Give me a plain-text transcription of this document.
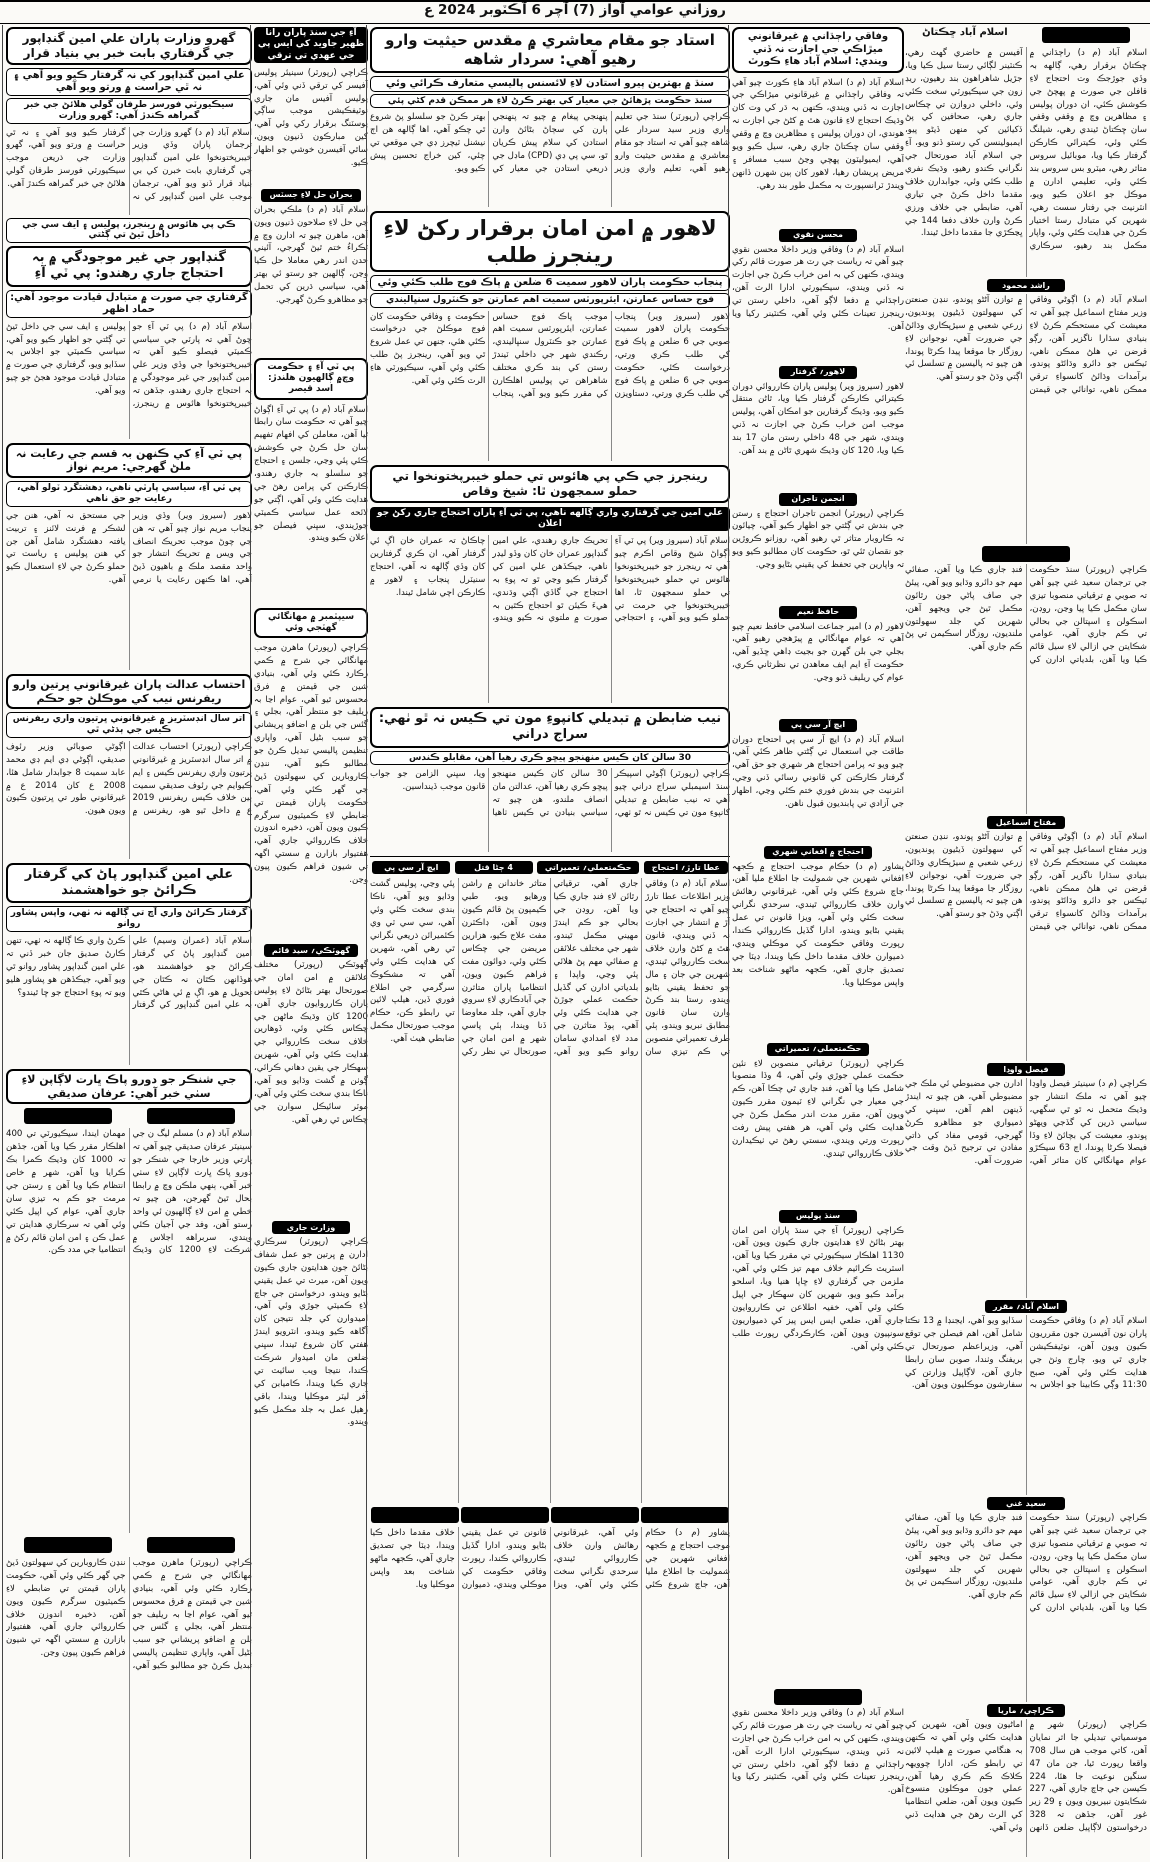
روزاني عوامي آواز (7) آچر 6 آڪٽوبر 2024 ع
گھرو وزارت پاران علي امين گنڊاپور جي گرفتاري بابت خبر بي بنياد قرار
علي امين گنڊاپور کي نہ گرفتار ڪيو ويو آهي ۽ نہ ٿي حراست ۾ ورتو ويو آهي
سيڪيورٽي فورسز طرفان گولي هلائڻ جي خبر گمراهه ڪندڙ آهي: گھرو وزارت
اسلام آباد (م د) گھرو وزارت جي ترجمان پاران وڏي وزير خيبرپختونخوا علي امين گنڊاپور جي گرفتاري بابت خبرن کي بي بنياد قرار ڏنو ويو آهي، ترجمان موجب علي امين گنڊاپور کي نہ گرفتار ڪيو ويو آهي ۽ نہ ٿي حراست ۾ ورتو ويو آهي، گھرو وزارت جي ذريعن موجب سيڪيورٽي فورسز طرفان گولي هلائڻ جي خبر گمراهه ڪندڙ آهي.
ڪي پي هائوس ۾ رينجرز، پوليس ۽ ايف سي جي داخل ٿيڻ تي ڳڻتي
گنڊاپور جي غير موجودگي ۾ بہ احتجاج جاري رهندو: پي ٽي آءِ
گرفتاري جي صورت ۾ متبادل قيادت موجود آهي: حماد اظهر
اسلام آباد (م د) پي ٽي آءِ جو چوڻ آهي تہ پارٽي جي سياسي ڪميٽي فيصلو ڪيو آهي تہ خيبرپختونخوا جي وڏي وزير علي امين گنڊاپور جي غير موجودگي ۾ بہ احتجاج جاري رهندو، جڏهن تہ خيبرپختونخوا هائوس ۾ رينجرز، پوليس ۽ ايف سي جي داخل ٿيڻ تي ڳڻتي جو اظهار ڪيو ويو آهي، سياسي ڪميٽي جو اجلاس بہ سڏايو ويو، گرفتاري جي صورت ۾ متبادل قيادت موجود هجڻ جو چيو ويو آهي.
پي ٽي آءِ کي ڪنهن بہ قسم جي رعايت نہ ملڻ گهرجي: مريم نواز
پي ٽي آءِ، سياسي پارٽي ناهي، دهشتگرد ٽولو آهي، رعايت جو حق ناهي
لاهور (سيروز وير) وڏي وزير پنجاب مريم نواز چيو آهي تہ هن جي چوڻ موجب تحريڪ انصاف جي ويس ۾ تحريڪ انتشار جو واحد مقصد ملڪ ۾ باهيون ڏيڻ آهي، اها ڪنهن رعايت يا نرمي جي مستحق نہ آهي، هنن جي لشڪر ۾ فرنٽ لائنز ۽ تربيت يافتہ دهشتگرد شامل آهن جن کي هنن پوليس ۽ رياست تي حملو ڪرڻ جي لاءِ استعمال ڪيو آهي.
احتساب عدالت پاران غيرقانوني ڀرتين وارو ريفرنس نيب کي موڪلڻ جو حڪم
اتر سال انڊسٽريز ۾ غيرقانوني ڀرتيون واري ريفرنس ڪيس جي ٻڌڻي ٿي
ڪراچي (رپورٽر) احتساب عدالت ۾ اتر سال انڊسٽريز ۾ غيرقانوني ڀرتيون واري ريفرنس ڪيس ۽ ايم ڪيوايم جي رئوف صديقي سميت ٻين خلاف ڪيس ريفرنس 2019 ع ۾ داخل ٿيو هو، ريفرنس ۾ اڳوڻي صوبائي وزير رئوف صديقي، اڳوڻي ڊي ايم ڊي محمد عابد سميت 8 جوابدار شامل هئا، 2008 ع کان 2014 ع ۾ غيرقانوني طور تي ڀرتيون ڪيون ويون هيون.
علي امين گنڊاپور پاڻ کي گرفتار ڪرائڻ جو خواهشمند
گرفتار ڪرائڻ واري آڇ تي ڳالهه نہ ٺهي، واپس پشاور روانو
اسلام آباد (عمران وسيم) علي امين گنڊاپور پاڻ کي گرفتار ڪرائڻ جو خواهشمند هو، هوڏانهن ڪٿان نہ ڪٿان جي تحويل ۾ هو، اڳ ۾ ئي هاڻي ڪٿي بہ علي امين گنڊاپور کي گرفتار ڪرڻ واري ڪا ڳالهه نہ ٺهي، تنهن ڪارڻ صديق جان خبر ڏني تہ علي امين گنڊاپور پشاور روانو ٿي ويو آهي، جيڪڏهن هو پشاور هليو ويو تہ پوءِ احتجاج جو ڇا ٿيندو؟
جي شنڪر جو دورو پاڪ ڀارت لاڳاپن لاءِ سٺي خبر آهي: عرفان صديقي
اسلام آباد (م د) مسلم ليگ ن جي سينيٽر عرفان صديقي چيو آهي تہ ڀارتي وزير خارجا جي شنڪر جو دورو پاڪ ڀارت لاڳاپن لاءِ سٺي خبر آهي، ٻنهي ملڪن وچ ۾ رابطا بحال ٿيڻ گهرجن، هن چيو تہ خطي ۾ امن لاءِ ڳالهيون ئي واحد رستو آهن، وفد جي آجيان ڪئي ويندي، سربراهه اجلاس ۾ شرڪت لاءِ 1200 کان وڌيڪ مهمان ايندا، سيڪيورٽي تي 400 اهلڪار مقرر ڪيا ويا آهن، جڏهن تہ 1000 کان وڌيڪ ڪمرا بڪ ڪرايا ويا آهن، شهر ۾ خاص انتظام ڪيا ويا آهن ۽ رستن جي مرمت جو ڪم بہ تيزي سان جاري آهي، عوام کي اپيل ڪئي وئي آهي تہ سرڪاري هدايتن تي عمل ڪن ۽ امن امان قائم رکڻ ۾ انتظاميا جي مدد ڪن.
ڪراچي (رپورٽر) ماهرن موجب مهانگائي جي شرح ۾ ڪمي رڪارڊ ڪئي وئي آهي، بنيادي شين جي قيمتن ۾ فرق محسوس ٿيو آهي، عوام اڃا بہ ريليف جو منتظر آهي، بجلي ۽ گئس جي بلن ۾ اضافو پريشاني جو سبب بڻيل آهي، واپاري تنظيمن پاليسي تبديل ڪرڻ جو مطالبو ڪيو آهي، ننڍن ڪاروبارين کي سهولتون ڏيڻ جي گهر ڪئي وئي آهي، حڪومت پاران قيمتن تي ضابطي لاءِ ڪميٽيون سرگرم ڪيون ويون آهن، ذخيره اندوزن خلاف ڪارروائي جاري آهي، هفتيوار بازارن ۾ سستي اگهہ تي شيون فراهم ڪيون پيون وڃن.
آءِ جي سنڌ پاران رانا ظهير جاويد کي ايس پي جي عهدي تي ترقي
ڪراچي (رپورٽر) سينيئر پوليس آفيسر کي ترقي ڏني وئي آهي، پوليس آفيس مان جاري نوٽيفڪيشن موجب ساڳي پوسٽنگ برقرار رکي وئي آهي، کين مبارڪون ڏنيون ويون، ساٿي آفيسرن خوشي جو اظهار ڪيو.
بحران حل لاءِ جسٽس
اسلام آباد (م د) ملڪي بحران جي حل لاءِ صلاحون ڏنيون ويون آهن، ماهرن چيو تہ ادارن وچ ۾ ٽڪراءُ ختم ٿيڻ گهرجي، آئيني حدن اندر رهي معاملا حل ڪيا وڃن، ڳالهين جو رستو ئي بهتر آهي، سياسي ڌرين کي تحمل جو مظاهرو ڪرڻ گهرجي.
پي ٽي آءِ ۽ حڪومت وچ۾ ڳالهيون هلندڙ: اسد قيصر
اسلام آباد (م د) پي ٽي آءِ اڳواڻ چيو آهي تہ حڪومت سان رابطا ٿيا آهن، معاملن کي افهام تفهيم سان حل ڪرڻ جي ڪوشش ڪئي پئي وڃي، جلسن ۽ احتجاج جو سلسلو بہ جاري رهندو، ڪارڪنن کي پرامن رهڻ جي هدايت ڪئي وئي آهي، اڳتي جو لائحه عمل سياسي ڪميٽي جوڙيندي، سڀني فيصلن جو اعلان ڪيو ويندو.
سيپٽمبر ۾ مهانگائي گهٽجي وئي
ڪراچي (رپورٽر) ماهرن موجب مهانگائي جي شرح ۾ ڪمي رڪارڊ ڪئي وئي آهي، بنيادي شين جي قيمتن ۾ فرق محسوس ٿيو آهي، عوام اڃا بہ ريليف جو منتظر آهي، بجلي ۽ گئس جي بلن ۾ اضافو پريشاني جو سبب بڻيل آهي، واپاري تنظيمن پاليسي تبديل ڪرڻ جو مطالبو ڪيو آهي، ننڍن ڪاروبارين کي سهولتون ڏيڻ جي گهر ڪئي وئي آهي، حڪومت پاران قيمتن تي ضابطي لاءِ ڪميٽيون سرگرم ڪيون ويون آهن، ذخيره اندوزن خلاف ڪارروائي جاري آهي، هفتيوار بازارن ۾ سستي اگهہ تي شيون فراهم ڪيون پيون وڃن.
گهوٽڪي؍ سيد قائم
گهوٽڪي (رپورٽر) مختلف علائقن ۾ امن امان جي صورتحال بهتر بڻائڻ لاءِ پوليس پاران ڪارروايون جاري آهن، 1200 کان وڌيڪ ماڻهن جي چڪاس ڪئي وئي، ڏوهارين خلاف سخت ڪارروائي جي هدايت ڪئي وئي آهي، شهرين سهڪار جي يقين دهاني ڪرائي، ڳوٺن ۾ گشت وڌايو ويو آهي، ناڪا بندي سخت ڪئي وئي آهي، موٽر سائيڪل سوارن جي چڪاس ٿي رهي آهي.
وزارت جاري
ڪراچي (رپورٽر) سرڪاري ادارن ۾ ڀرتين جو عمل شفاف بڻائڻ جون هدايتون جاري ڪيون ويون آهن، ميرٽ تي عمل يقيني بڻايو ويندو، درخواستن جي جاچ لاءِ ڪميٽي جوڙي وئي آهي، اميدوارن کي جلد نتيجن کان آگاهه ڪيو ويندو، انٽرويو ايندڙ هفتي کان شروع ٿيندا، سڀني ضلعن مان اميدوار شرڪت ڪندا، نتيجا ويب سائيٽ تي جاري ڪيا ويندا، ڪاميابن کي آفر ليٽر موڪليا ويندا، باقي رهيل عمل بہ جلد مڪمل ڪيو ويندو.
استاد جو مقام معاشري ۾ مقدس حيثيت وارو رهيو آهي: سردار شاهه
سنڌ ۾ بهترين پيرو استادن لاءِ لائسنس پاليسي متعارف ڪرائي وئي
سنڌ حڪومت پڙهائڻ جي معيار کي بهتر ڪرڻ لاءِ هر ممڪن قدم کڻي پئي
ڪراچي (رپورٽر) سنڌ جي تعليم واري وزير سيد سردار علي شاهه چيو آهي تہ استاد جو مقام معاشري ۾ مقدس حيثيت وارو رهيو آهي، تعليم واري وزير پنهنجي پيغام ۾ چيو تہ پنهنجي ٻارن کي سڄاڻ بڻائڻ وارن استادن کي سلام پيش ڪريان ٿو، سي پي ڊي (CPD) ماڊل جي ذريعي استادن جي معيار کي بهتر ڪرڻ جو سلسلو پڻ شروع ٿي چڪو آهي، اها ڳالهه هن اڄ نيشنل ٽيچرز ڊي جي موقعي تي چئي، کين خراج تحسين پيش ڪيو ويو.
لاهور ۾ امن امان برقرار رکڻ لاءِ رينجرز طلب
پنجاب حڪومت پاران لاهور سميت 6 ضلعن ۾ پاڪ فوج طلب ڪئي وئي
فوج حساس عمارتن، ايئرپورٽس سميت اهم عمارتن جو ڪنٽرول سنڀاليندي
لاهور (سيروز وير) پنجاب حڪومت پاران لاهور سميت صوبي جي 6 ضلعن ۾ پاڪ فوج کي طلب ڪري ورتي، درخواست ڪئي، حڪومت صوبي جي 6 ضلعن ۾ پاڪ فوج کي طلب ڪري ورتي، دستاويزن موجب پاڪ فوج حساس عمارتن، ايئرپورٽس سميت اهم عمارتن جو ڪنٽرول سنڀاليندي، رڪندي شهر جي داخلي ٽيندڙ رستن کي بند ڪري مختلف شاهراهن تي پوليس اهلڪارن کي مقرر ڪيو ويو آهي، پنجاب حڪومت ۽ وفاقي حڪومت کان فوج موڪلڻ جي درخواست ڪئي هئي، جنهن تي عمل شروع ٿي ويو آهي، رينجرز پڻ طلب ڪئي وئي آهي، سيڪيورٽي هاءِ الرٽ ڪئي وئي آهي.
رينجرز جي ڪي پي هائوس تي حملو خيبرپختونخوا تي حملو سمجهون ٿا: شيخ وقاص
علي امين جي گرفتاري واري ڳالهه ناهي، پي ٽي آءِ پاران احتجاج جاري رکڻ جو اعلان
اسلام آباد (سيروز وير) پي ٽي آءِ اڳواڻ شيخ وقاص اڪرم چيو آهي تہ رينجرز جو خيبرپختونخوا هائوس تي حملو خيبرپختونخوا تي حملو سمجهون ٿا، اها خيبرپختونخوا جي حرمت تي حملو ڪيو ويو آهي، ۽ احتجاجي تحريڪ جاري رهندي، علي امين گنڊاپور عمران خان کان وڏو ليڊر ناهي، جيڪڏهن علي امين کي گرفتار ڪيو وڃي ٿو تہ پوءِ بہ احتجاج جي گاڏي اڳتي وڌندي، هيءَ ڪيئن ٿو احتجاج ڪٿين بہ صورت ۾ ملتوي نہ ڪيو ويندو، چاڪاڻ تہ عمران خان اڳ ئي گرفتار آهي، ان ڪري گرفتارين کان وڏي ڳالهه نہ آهي، احتجاج سنيٽرل پنجاب ۽ لاهور ۾ ڪارڪن اچي شامل ٿيندا.
نيب ضابطن ۾ تبديلي کانپوءِ مون تي ڪيس نہ ٿو ٺهي: سراج دراني
30 سالن کان ڪيس منهنجو پيڇو ڪري رهيا آهن، مقابلو ڪندس
ڪراچي (رپورٽر) اڳوڻي اسپيڪر سنڌ اسيمبلي سراج دراني چيو آهي تہ نيب ضابطن ۾ تبديلي کانپوءِ مون تي ڪيس نہ ٿو ٺهي، 30 سالن کان ڪيس منهنجو پيڇو ڪري رهيا آهن، عدالتن مان انصاف ملندو، هن چيو تہ سياسي بنيادن تي ڪيس ٺاهيا ويا، سڀني الزامن جو جواب قانون موجب ڏينداسين.
عطا تارڙ؍ احتجاج
حڪمتعملي؍ تعميراتي
4 ڄڻا قتل
ايڇ آر سي پي
اسلام آباد (م د) وفاقي وزير اطلاعات عطا تارڙ چيو آهي تہ احتجاج جي آڙ ۾ انتشار جي اجازت نہ ڏني ويندي، قانون هٿ ۾ کڻڻ وارن خلاف سخت ڪارروائي ٿيندي، شهرين جي جان ۽ مال جو تحفظ يقيني بڻايو ويندو، رستا بند ڪرڻ وارن سان قانون مطابق نبريو ويندو، ٻئي طرف تعميراتي منصوبن تي ڪم تيزي سان جاري آهي، ترقياتي رٿائن لاءِ فنڊ جاري ڪيا ويا آهن، روڊن جي بحالي جو ڪم ايندڙ مهيني مڪمل ٿيندو، شهر جي مختلف علائقن ۾ صفائي مهم پڻ هلائي پئي وڃي، واپڊا ۽ بلدياتي ادارن کي گڏيل حڪمت عملي جوڙڻ جي هدايت ڪئي وئي آهي، ٻوڏ متاثرن جي مدد لاءِ امدادي سامان روانو ڪيو ويو آهي، متاثر خاندانن ۾ راشن ورهايو ويو، طبي ڪيمپون پڻ قائم ڪيون ويون آهن، ڊاڪٽرن مفت علاج ڪيو، هزارين مريضن جي چڪاس ڪئي وئي، دوائون مفت فراهم ڪيون ويون، انتظاميا پاران متاثرن جي آبادڪاري لاءِ سروي جاري آهي، جلد معاوضا ڏنا ويندا، ٻئي پاسي شهر ۾ امن امان جي صورتحال تي نظر رکي پئي وڃي، پوليس گشت وڌايو ويو آهي، ناڪا بندي سخت ڪئي وئي آهي، سي سي ٽي وي ڪئميرائن ذريعي نگراني ٿي رهي آهي، شهرين کي هدايت ڪئي وئي آهي تہ مشڪوڪ سرگرمي جي اطلاع فوري ڏين، هيلپ لائين تي رابطو ڪن، حڪام موجب صورتحال مڪمل ضابطي هيٺ آهي.
پشاور (م د) حڪام موجب احتجاج ۾ ڪجهہ افغاني شهرين جي شموليت جا اطلاع مليا آهن، جاچ شروع ڪئي وئي آهي، غيرقانوني رهائش وارن خلاف ڪارروائي ٿيندي، سرحدي نگراني سخت ڪئي وئي آهي، ويزا قانونن تي عمل يقيني بڻايو ويندو، ادارا گڏيل ڪارروائي ڪندا، رپورٽ وفاقي حڪومت کي موڪلي ويندي، ذميوارن خلاف مقدما داخل ڪيا ويندا، ڊيٽا جي تصديق جاري آهي، ڪجهہ ماڻهو شناخت بعد واپس موڪليا ويا.
وفاقي راڄڌاني ۾ غيرقانوني ميڙاڪي جي اجازت نہ ڏني ويندي: اسلام آباد هاءِ ڪورٽ
اسلام آباد (م د) اسلام آباد هاءِ ڪورٽ چيو آهي تہ وفاقي راڄڌاني ۾ غيرقانوني ميڙاڪي جي اجازت نہ ڏني ويندي، ڪنهن بہ ڌر کي وت کان وڌيڪ احتجاج لاءِ قانون هٿ ۾ کڻڻ جي اجازت نہ هوندي، ان دوران پوليس ۽ مظاهرين وچ ۾ وقفي وقفي سان ڇڪتاڻ جاري رهي، سيل ڪيو ويو آهي، ايميوليٽون پهچي وڃڻ سبب مسافر ۽ مريض پريشان رهيا، لاهور کان ٻين شهرن ڏانهن ويندڙ ٽرانسپورٽ بہ مڪمل طور بند رهي.
محسن نقوي
اسلام آباد (م د) وفاقي وزير داخلا محسن نقوي چيو آهي تہ رياست جي رٽ هر صورت قائم رکي ويندي، ڪنهن کي بہ امن خراب ڪرڻ جي اجازت نہ ڏني ويندي، سيڪيورٽي ادارا الرٽ آهن، راڄڌاني ۾ دفعا لاڳو آهي، داخلي رستن تي رينجرز تعينات ڪئي وئي آهي، ڪنٽينر رکيا ويا آهن.
لاهور؍ گرفتار
لاهور (سيروز وير) پوليس پاران ڪارروائي دوران ڪيترائي ڪارڪن گرفتار ڪيا ويا، ٿاڻن منتقل ڪيو ويو، وڌيڪ گرفتارين جو امڪان آهي، پوليس موجب امن خراب ڪرڻ جي اجازت نہ ڏني ويندي، شهر جي 48 داخلي رستن مان 17 بند ڪيا ويا، 120 کان وڌيڪ شهري ٿاڻن ۾ بند آهن.
انجمن تاجران
ڪراچي (رپورٽر) انجمن تاجران احتجاج ۽ رستن جي بندش تي ڳڻتي جو اظهار ڪيو آهي، چيائون تہ ڪاروبار متاثر ٿي رهيو آهي، روزانو ڪروڙين جو نقصان ٿئي ٿو، حڪومت کان مطالبو ڪيو ويو تہ واپارين جي تحفظ کي يقيني بڻايو وڃي.
حافظ نعيم
لاهور (م د) امير جماعت اسلامي حافظ نعيم چيو آهي تہ عوام مهانگائي ۾ پيڙهجي رهيو آهي، بجلي جي بلن گهرن جو بجيٽ ڊاهي ڇڏيو آهي، حڪومت آءِ ايم ايف معاهدن تي نظرثاني ڪري، عوام کي ريليف ڏنو وڃي.
ايڇ آر سي پي
اسلام آباد (م د) ايڇ آر سي پي احتجاج دوران طاقت جي استعمال تي ڳڻتي ظاهر ڪئي آهي، چيو ويو تہ پرامن احتجاج هر شهري جو حق آهي، گرفتار ڪارڪنن کي قانوني رسائي ڏني وڃي، انٽرنيٽ جي بندش فوري ختم ڪئي وڃي، اظهار جي آزادي تي پابنديون قبول ناهن.
احتجاج ۾ افغاني شهري
پشاور (م د) حڪام موجب احتجاج ۾ ڪجهہ افغاني شهرين جي شموليت جا اطلاع مليا آهن، جاچ شروع ڪئي وئي آهي، غيرقانوني رهائش وارن خلاف ڪارروائي ٿيندي، سرحدي نگراني سخت ڪئي وئي آهي، ويزا قانونن تي عمل يقيني بڻايو ويندو، ادارا گڏيل ڪارروائي ڪندا، رپورٽ وفاقي حڪومت کي موڪلي ويندي، ذميوارن خلاف مقدما داخل ڪيا ويندا، ڊيٽا جي تصديق جاري آهي، ڪجهہ ماڻهو شناخت بعد واپس موڪليا ويا.
حڪمتعملي؍ تعميراتي
ڪراچي (رپورٽر) ترقياتي منصوبن لاءِ نئين حڪمت عملي جوڙي وئي آهي، 4 وڏا منصوبا شامل ڪيا ويا آهن، فنڊ جاري ٿي چڪا آهن، ڪم جي معيار جي نگراني لاءِ ٽيمون مقرر ڪيون ويون آهن، مقرر مدت اندر مڪمل ڪرڻ جي هدايت ڪئي وئي آهي، هر هفتي پيش رفت رپورٽ ورتي ويندي، سستي رهڻ تي ٺيڪيدارن خلاف ڪارروائي ٿيندي.
سنڌ پوليس
ڪراچي (رپورٽر) آءِ جي سنڌ پاران امن امان بهتر بڻائڻ لاءِ هدايتون جاري ڪيون ويون آهن، 1130 اهلڪار سيڪيورٽي تي مقرر ڪيا ويا آهن، اسٽريٽ ڪرائيم خلاف مهم تيز ڪئي وئي آهي، ملزمن جي گرفتاري لاءِ ڇاپا هنيا ويا، اسلحو برآمد ڪيو ويو، شهرين کان سهڪار جي اپيل ڪئي وئي آهي، خفيہ اطلاعن تي ڪارروايون جاري آهن، ضلعي ايس ايس پيز کي ذميواريون سونپيون ويون آهن، ڪارڪردگي رپورٽ طلب ڪئي وئي آهي.
اسلام آباد (م د) وفاقي وزير داخلا محسن نقوي چيو آهي تہ رياست جي رٽ هر صورت قائم رکي ويندي، ڪنهن کي بہ امن خراب ڪرڻ جي اجازت نہ ڏني ويندي، سيڪيورٽي ادارا الرٽ آهن، راڄڌاني ۾ دفعا لاڳو آهي، داخلي رستن تي رينجرز تعينات ڪئي وئي آهي، ڪنٽينر رکيا ويا آهن.
اسلام آباد ڇڪتاڻ
اسلام آباد (م د) راڄڌاني ۾ ڇڪتاڻ برقرار رهي، ڳالهه بہ وڏي جوڙجڪ وت احتجاج لاءِ قافلن جي صورت ۾ پهچڻ جي ڪوشش ڪئي، ان دوران پوليس ۽ مظاهرين وچ ۾ وقفي وقفي سان ڇڪتاڻ ٿيندي رهي، شيلنگ ڪئي وئي، ڪيترائي ڪارڪن گرفتار ڪيا ويا، موبائيل سروس متاثر رهي، ميٽرو بس سروس بند ڪئي وئي، تعليمي ادارن ۾ موڪل جو اعلان ڪيو ويو، انٽرنيٽ جي رفتار سست رهي، شهرين کي متبادل رستا اختيار ڪرڻ جي هدايت ڪئي وئي، واپار مڪمل بند رهيو، سرڪاري آفيسن ۾ حاضري گهٽ رهي، ڪنٽينر لڳائي رستا سيل ڪيا ويا، جڙيل شاهراهون بند رهيون، ريڊ زون جي سيڪيورٽي سخت ڪئي وئي، داخلي دروازن تي چڪاس جاري رهي، صحافين کي پڻ ڏکيائين کي منهن ڏيڻو پيو، ايمبولينسن کي رستو ڏنو ويو، آءِ جي اسلام آباد صورتحال جي نگراني ڪندو رهيو، وڌيڪ نفري طلب ڪئي وئي، جوابدارن خلاف مقدما داخل ڪرڻ جي تياري آهي، ضابطي جي خلاف ورزي ڪرڻ وارن خلاف دفعا 144 جي ڀڃڪڙي جا مقدما داخل ٿيندا.
راشد محمود
اسلام آباد (م د) اڳوڻي وفاقي وزير مفتاح اسماعيل چيو آهي تہ معيشت کي مستحڪم ڪرڻ لاءِ بنيادي سڌارا ناگزير آهن، رڳو قرضن تي هلڻ ممڪن ناهي، ٽيڪس جو دائرو وڌائڻو پوندو، برآمدات وڌائڻ کانسواءِ ترقي ممڪن ناهي، توانائي جي قيمتن ۾ توازن آڻڻو پوندو، ننڍن صنعتن کي سهولتون ڏيڻيون پونديون، زرعي شعبي ۾ سيڙپڪاري وڌائڻ جي ضرورت آهي، نوجوانن لاءِ روزگار جا موقعا پيدا ڪرڻا پوندا، هن چيو تہ پاليسين ۾ تسلسل ئي اڳتي وڌڻ جو رستو آهي.
ڪراچي (رپورٽر) سنڌ حڪومت جي ترجمان سعيد غني چيو آهي تہ صوبي ۾ ترقياتي منصوبا تيزي سان مڪمل ڪيا پيا وڃن، روڊن، اسڪولن ۽ اسپتالن جي بحالي تي ڪم جاري آهي، عوامي شڪايتن جي ازالي لاءِ سيل قائم ڪيا ويا آهن، بلدياتي ادارن کي فنڊ جاري ڪيا ويا آهن، صفائي مهم جو دائرو وڌايو ويو آهي، پيئڻ جي صاف پاڻي جون رٿائون مڪمل ٿيڻ جي ويجهو آهن، شهرين کي جلد سهولتون ملنديون، روزگار اسڪيمن تي پڻ ڪم جاري آهي.
مفتاح اسماعيل
اسلام آباد (م د) اڳوڻي وفاقي وزير مفتاح اسماعيل چيو آهي تہ معيشت کي مستحڪم ڪرڻ لاءِ بنيادي سڌارا ناگزير آهن، رڳو قرضن تي هلڻ ممڪن ناهي، ٽيڪس جو دائرو وڌائڻو پوندو، برآمدات وڌائڻ کانسواءِ ترقي ممڪن ناهي، توانائي جي قيمتن ۾ توازن آڻڻو پوندو، ننڍن صنعتن کي سهولتون ڏيڻيون پونديون، زرعي شعبي ۾ سيڙپڪاري وڌائڻ جي ضرورت آهي، نوجوانن لاءِ روزگار جا موقعا پيدا ڪرڻا پوندا، هن چيو تہ پاليسين ۾ تسلسل ئي اڳتي وڌڻ جو رستو آهي.
فيصل واوڊا
ڪراچي (م د) سينيٽر فيصل واوڊا چيو آهي تہ ملڪ انتشار جو وڌيڪ متحمل نہ ٿو ٿي سگهي، سياسي ڌرين کي گڏجي ويهڻو پوندو، معيشت کي بچائڻ لاءِ وڏا فيصلا ڪرڻا پوندا، اڄ 63 سيڪڙو عوام مهانگائي کان متاثر آهي، ادارن جي مضبوطي ئي ملڪ جي مضبوطي آهي، هن چيو تہ ايندڙ ڏينهن اهم آهن، سڀني کي ذميواري جو مظاهرو ڪرڻ گهرجي، قومي مفاد کي ذاتي مفادن تي ترجيح ڏيڻ وقت جي ضرورت آهي.
اسلام آباد؍ مقرر
اسلام آباد (م د) وفاقي حڪومت پاران نون آفيسرن جون مقرريون ڪيون ويون آهن، نوٽيفڪيشن جاري ٿي ويو، چارج وٺڻ جي هدايت ڪئي وئي آهي، صبح 11:30 وڳي ڪابينا جو اجلاس بہ سڏايو ويو آهي، ايجنڊا ۾ 13 نڪتا شامل آهن، اهم فيصلن جي توقع آهي، وزيراعظم صورتحال تي بريفنگ وٺندا، صوبن سان رابطا جاري آهن، لاڳاپيل وزارتن کي سفارشون موڪليون ويون آهن.
سعيد غني
ڪراچي (رپورٽر) سنڌ حڪومت جي ترجمان سعيد غني چيو آهي تہ صوبي ۾ ترقياتي منصوبا تيزي سان مڪمل ڪيا پيا وڃن، روڊن، اسڪولن ۽ اسپتالن جي بحالي تي ڪم جاري آهي، عوامي شڪايتن جي ازالي لاءِ سيل قائم ڪيا ويا آهن، بلدياتي ادارن کي فنڊ جاري ڪيا ويا آهن، صفائي مهم جو دائرو وڌايو ويو آهي، پيئڻ جي صاف پاڻي جون رٿائون مڪمل ٿيڻ جي ويجهو آهن، شهرين کي جلد سهولتون ملنديون، روزگار اسڪيمن تي پڻ ڪم جاري آهي.
ڪراچي؍ ماريا
ڪراچي (رپورٽر) شهر ۾ موسمياتي تبديلي جا اثر نمايان آهن، کاتي موجب هن سال 708 واقعا رپورٽ ٿيا، جن مان 47 سنگين نوعيت جا هئا، 224 ڪيسن جي جاچ جاري آهي، 227 شڪايتون نبيريون ويون ۽ 29 زير غور آهن، جڏهن تہ 328 درخواستون لاڳاپيل ضلعن ڏانهن اماڻيون ويون آهن، شهرين کي هدايت ڪئي وئي آهي تہ ڪنهن بہ هنگامي صورت ۾ هيلپ لائين تي رابطو ڪن، ادارا چوويهہ ڪلاڪ ڪم ڪري رهيا آهن، عملي جون موڪلون منسوخ ڪيون ويون آهن، ضلعي انتظاميا کي الرٽ رهڻ جي هدايت ڏني وئي آهي.
